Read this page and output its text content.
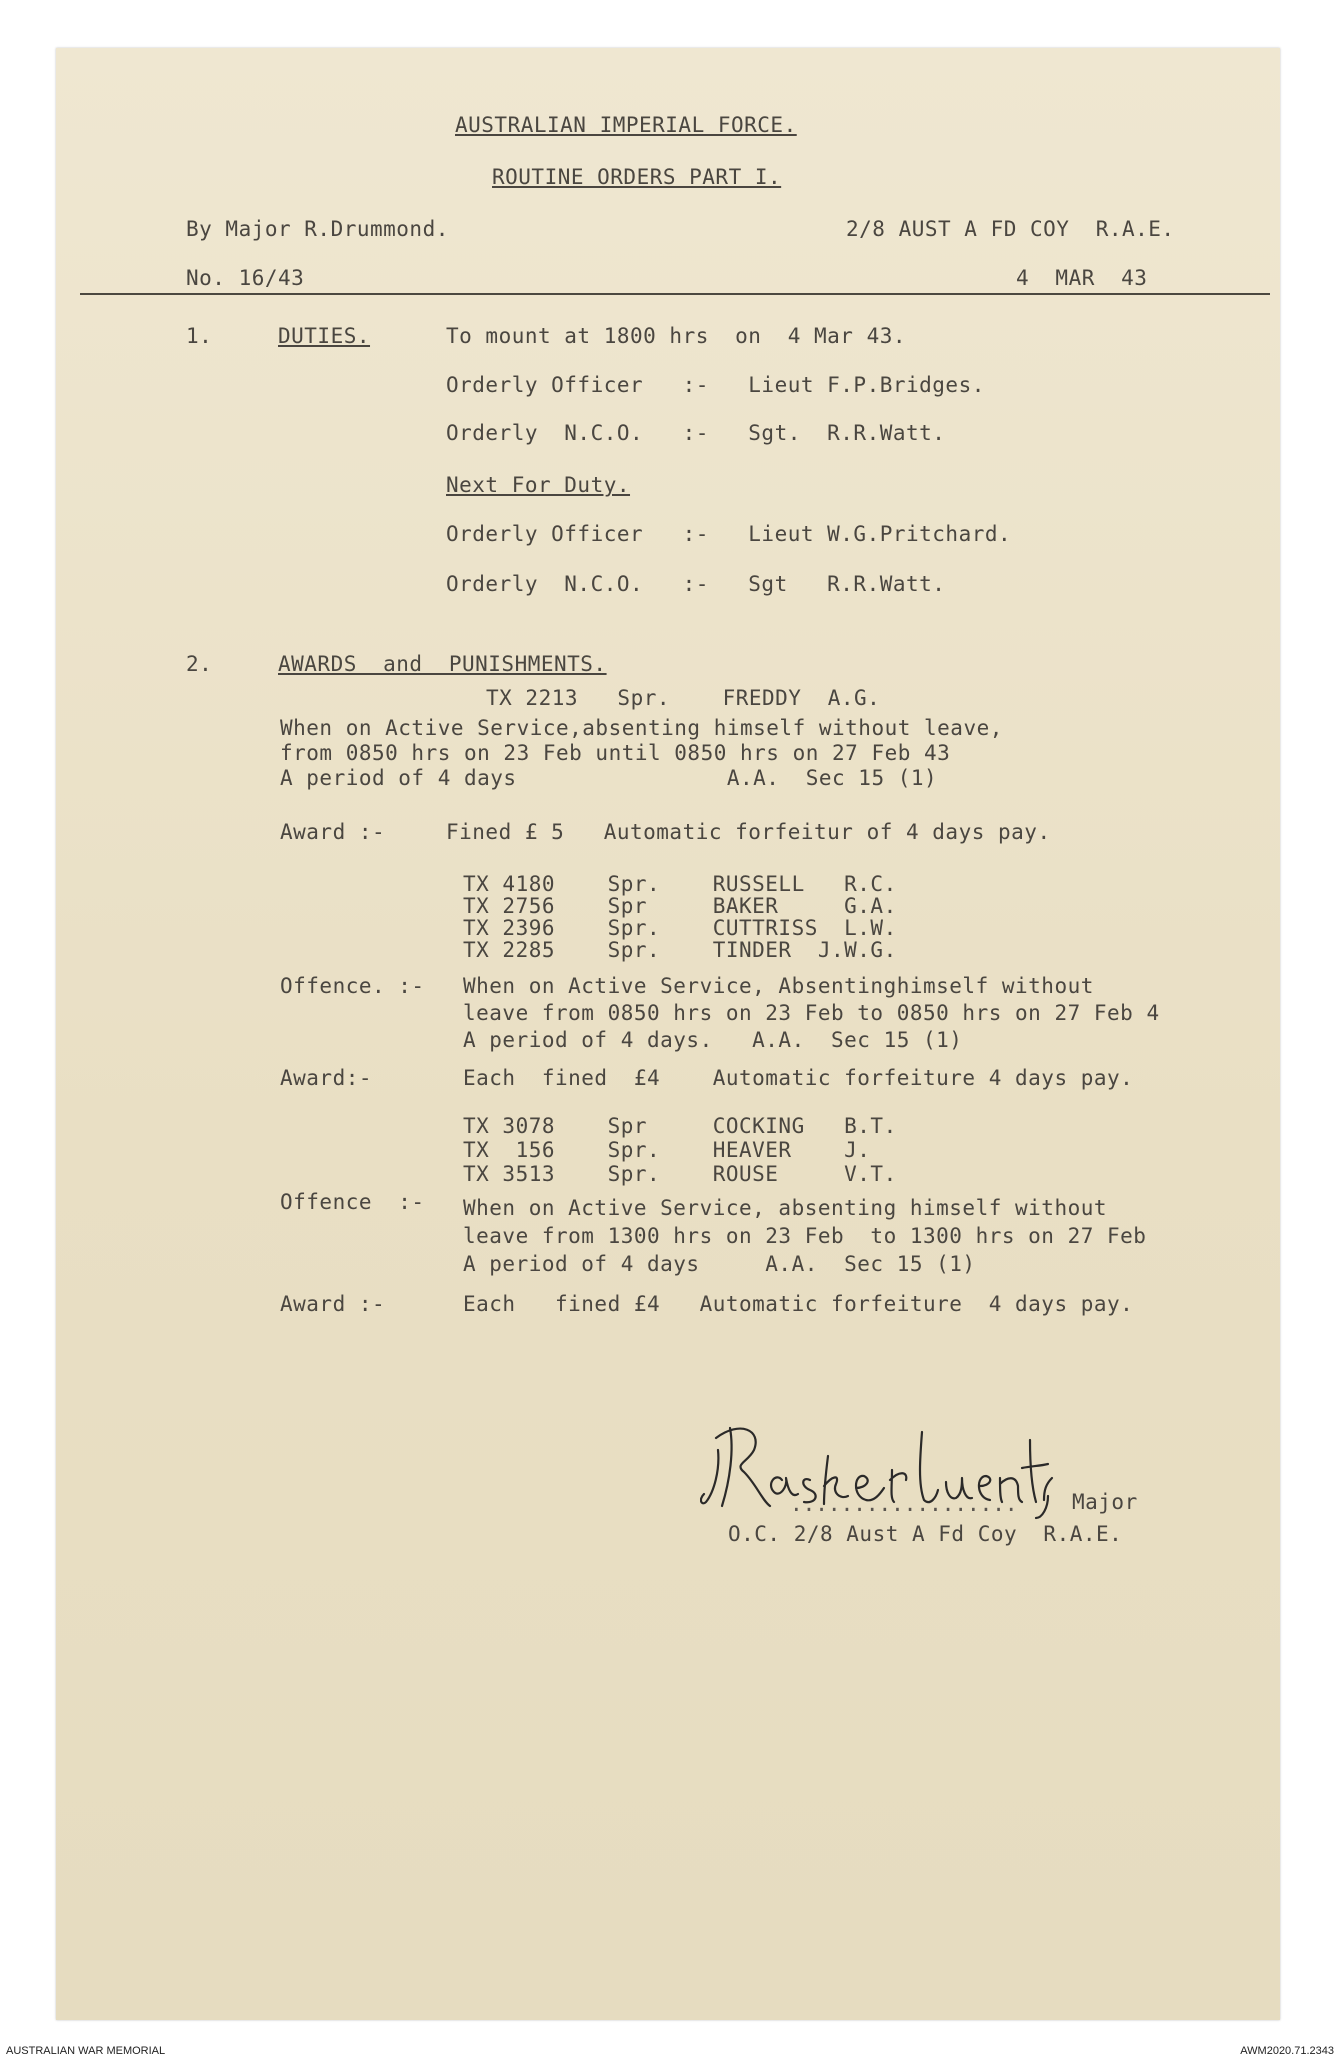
AUSTRALIAN IMPERIAL FORCE.
ROUTINE ORDERS PART I.
By Major R.Drummond.	2/8 AUST A FD COY  R.A.E.
No. 16/43	4  MAR  43
1.	DUTIES.	To mount at 1800 hrs  on  4 Mar 43.
Orderly Officer   :-   Lieut F.P.Bridges.
Orderly  N.C.O.   :-   Sgt.  R.R.Watt.
Next For Duty.
Orderly Officer   :-   Lieut W.G.Pritchard.
Orderly  N.C.O.   :-   Sgt   R.R.Watt.
2.	AWARDS  and  PUNISHMENTS.
TX 2213   Spr.    FREDDY  A.G.
When on Active Service,absenting himself without leave,
from 0850 hrs on 23 Feb until 0850 hrs on 27 Feb 43
A period of 4 days                A.A.  Sec 15 (1)
Award :-	Fined £ 5   Automatic forfeitur of 4 days pay.
TX 4180    Spr.    RUSSELL   R.C.
TX 2756    Spr     BAKER     G.A.
TX 2396    Spr.    CUTTRISS  L.W.
TX 2285    Spr.    TINDER  J.W.G.
Offence. :- When on Active Service, Absentinghimself without
leave from 0850 hrs on 23 Feb to 0850 hrs on 27 Feb 4
A period of 4 days.   A.A.  Sec 15 (1)
Award:-	Each  fined  £4    Automatic forfeiture 4 days pay.
TX 3078    Spr     COCKING   B.T.
TX  156    Spr.    HEAVER    J.
TX 3513    Spr.    ROUSE     V.T.
Offence  :- When on Active Service, absenting himself without
leave from 1300 hrs on 23 Feb  to 1300 hrs on 27 Feb
A period of 4 days     A.A.  Sec 15 (1)
Award :-	Each   fined £4   Automatic forfeiture  4 days pay.
..................	Major
O.C. 2/8 Aust A Fd Coy  R.A.E.
AUSTRALIAN WAR MEMORIAL	AWM2020.71.2343
